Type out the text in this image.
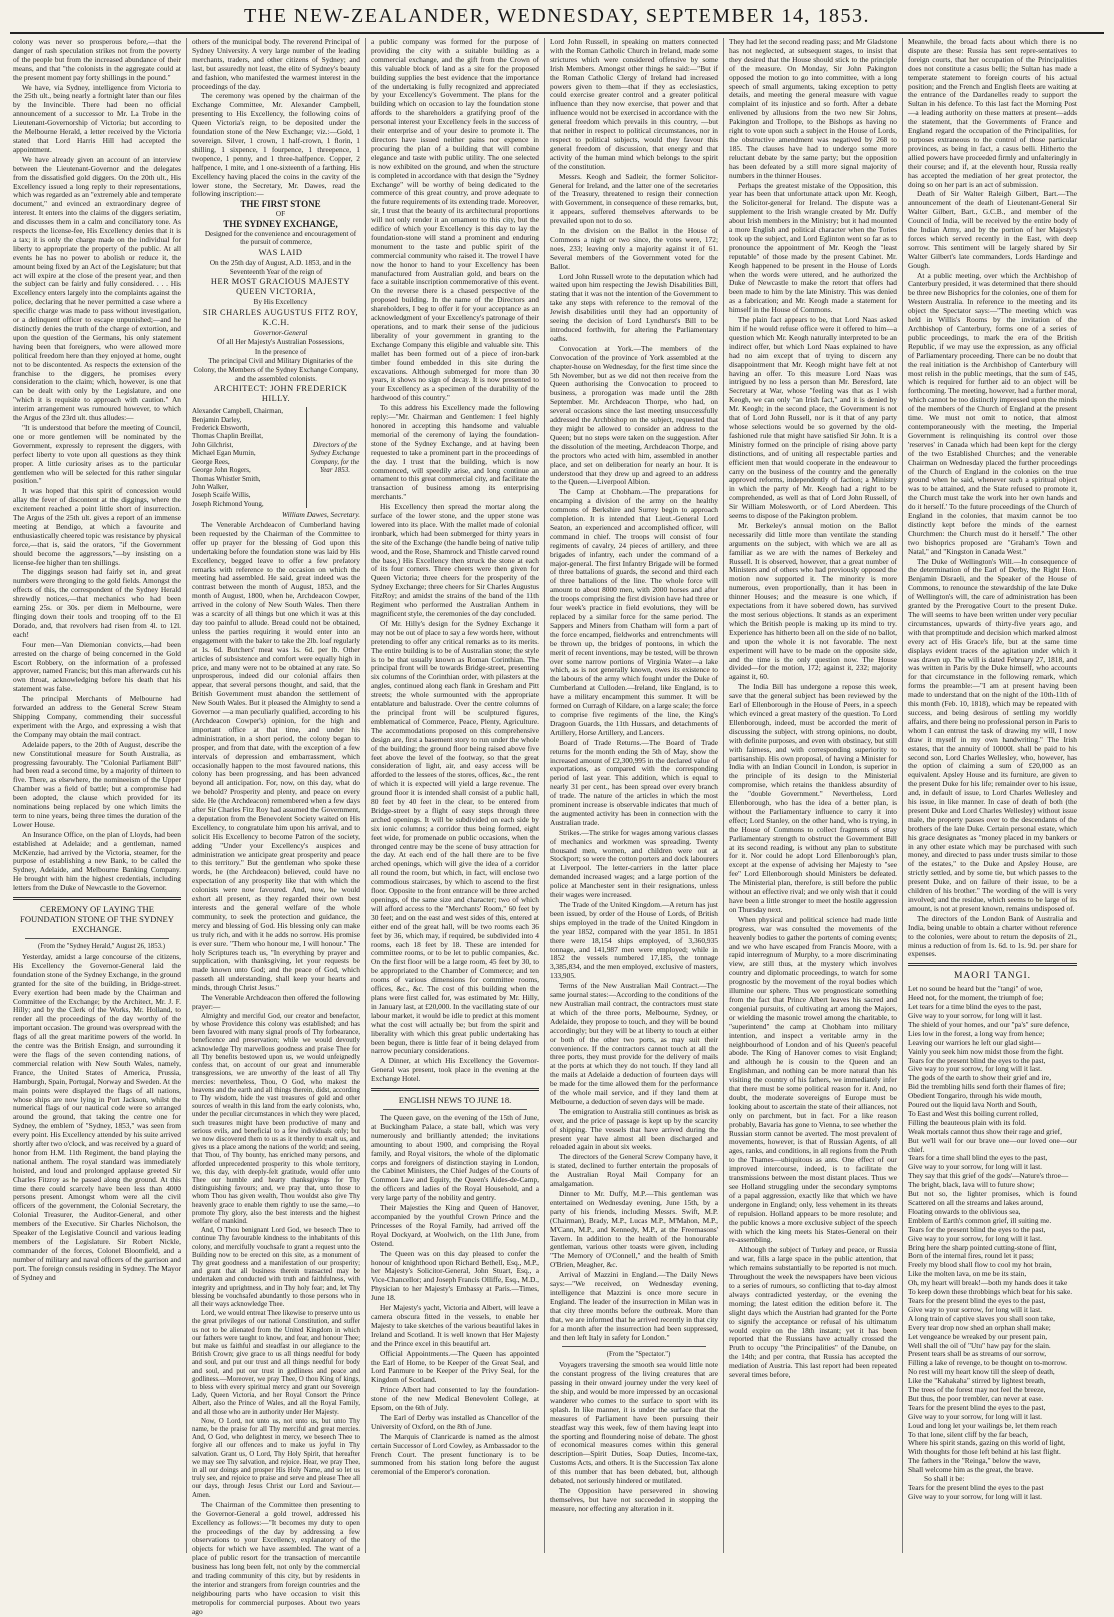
THE NEW-ZEALANDER, WEDNESDAY, SEPTEMBER 14, 1853.

colony was never so prosperous before,—that the danger of rash speculation strikes not from the poverty of the people but from the increased abundance of their means, and that "the colonists in the aggregate could at the present moment pay forty shillings in the pound."

We have, via Sydney, intelligence from Victoria to the 25th ult., being nearly a fortnight later than our files by the Invincible. There had been no official announcement of a successor to Mr. La Trobe in the Lieutenant-Governorship of Victoria; but according to the Melbourne Herald, a letter received by the Victoria stated that Lord Harris Hill had accepted the appointment.

We have already given an account of an interview between the Lieutenant-Governor and the delegates from the dissatisfied gold diggers. On the 20th ult., His Excellency issued a long reply to their representations, which was regarded as an "extremely able and temperate document," and evinced an extraordinary degree of interest. It enters into the claims of the diggers seriatim, and discusses them in a calm and conciliatory tone. As respects the license-fee, His Excellency denies that it is a tax; it is only the charge made on the individual for liberty to appropriate the property of the public. At all events he has no power to abolish or reduce it, the amount being fixed by an Act of the Legislature; but that act will expire at the close of the present year, and then the subject can be fairly and fully considered. . . . His Excellency enters largely into the complaints against the police, declaring that he never permitted a case where a specific charge was made to pass without investigation, or a delinquent officer to escape unpunished;—and he distinctly denies the truth of the charge of extortion, and upon the question of the Germans, his only statement having been that foreigners, who were allowed more political freedom here than they enjoyed at home, ought not to be discontented. As respects the extension of the franchise to the diggers, he promises every consideration to the claim; which, however, is one that can be dealt with only by the Legislature, and one "which it is requisite to approach with caution." An interim arrangement was rumoured however, to which the Argus of the 23rd ult. thus alludes:—

"It is understood that before the meeting of Council, one or more gentlemen will be nominated by the Government, expressly to represent the diggers, with perfect liberty to vote upon all questions as they think proper. A little curiosity arises as to the particular gentlemen who will be selected for this rather singular position."

It was hoped that this spirit of concession would allay the fever of discontent at the diggings, where the excitement reached a point little short of insurrection. The Argus of the 25th ult. gives a report of an immense meeting at Bendigo, at which a favourite and enthusiastically cheered topic was resistance by physical force,—that is, said the orators, "if the Government should become the aggressors,"—by insisting on a license-fee higher than ten shillings.

The diggings season had fairly set in, and great numbers were thronging to the gold fields. Amongst the effects of this, the correspondent of the Sydney Herald shrewdly notices,—that mechanics who had been earning 25s. or 30s. per diem in Melbourne, were flinging down their tools and trooping off to the El Dorado, and, that revolvers had risen from 4l. to 12l. each!

Four men—Van Diemonian convicts,—had been arrested on the charge of being concerned in the Gold Escort Robbery, on the information of a professed approver, named Francis; but this man afterwards cut his own throat, acknowledging before his death that his statement was false.

The principal Merchants of Melbourne had forwarded an address to the General Screw Steam Shipping Company, commending their successful experiment with the Argo, and expressing a wish that the Company may obtain the mail contract.

Adelaide papers, to the 20th of August, describe the new Constitutional measure for South Australia, as progressing favourably. The "Colonial Parliament Bill" had been read a second time, by a majority of thirteen to five. There, as elsewhere, the nomineeism of the Upper Chamber was a field of battle; but a compromise had been adopted, the clause which provided for its nominations being replaced by one which limits the term to nine years, being three times the duration of the Lower House.

An Insurance Office, on the plan of Lloyds, had been established at Adelaide; and a gentleman, named McKenzie, had arrived by the Victoria, steamer, for the purpose of establishing a new Bank, to be called the Sydney, Adelaide, and Melbourne Banking Company. He brought with him the highest credentials, including letters from the Duke of Newcastle to the Governor.

CEREMONY OF LAYING THE FOUNDATION STONE OF THE SYDNEY EXCHANGE.

(From the "Sydney Herald," August 26, 1853.)

Yesterday, amidst a large concourse of the citizens, His Excellency the Governor-General laid the foundation stone of the Sydney Exchange, in the ground granted for the site of the building, in Bridge-street. Every exertion had been made by the Chairman and Committee of the Exchange; by the Architect, Mr. J. F. Hilly; and by the Clerk of the Works, Mr. Holland, to render all the proceedings of the day worthy of the important occasion. The ground was overspread with the flags of all the great maritime powers of the world. In the centre was the British Ensign, and surrounding it were the flags of the seven contending nations, of commercial relation with New South Wales, namely, France, the United States of America, Prussia, Hamburgh, Spain, Portugal, Norway and Sweden. At the main points were displayed the flags of all nations, whose ships are now lying in Port Jackson, whilst the numerical flags of our nautical code were so arranged around the ground, that taking the centre one for Sydney, the emblem of "Sydney, 1853," was seen from every point. His Excellency attended by his suite arrived shortly after two o'clock, and was received by a guard of honor from H.M. 11th Regiment, the band playing the national anthem. The royal standard was immediately hoisted, and loud and prolonged applause greeted Sir Charles Fitzroy as he passed along the ground. At this time there could scarcely have been less than 4000 persons present. Amongst whom were all the civil officers of the government, the Colonial Secretary, the Colonial Treasurer, the Auditor-General, and other members of the Executive. Sir Charles Nicholson, the Speaker of the Legislative Council and various leading members of the Legislature. Sir Robert Nickle, commander of the forces, Colonel Bloomfield, and a number of military and naval officers of the garrison and port. The foreign consuls residing in Sydney. The Mayor of Sydney and

others of the municipal body. The reverend Principal of Sydney University. A very large number of the leading merchants, traders, and other citizens of Sydney; and last, but assuredly not least, the elite of Sydney's beauty and fashion, who manifested the warmest interest in the proceedings of the day.

The ceremony was opened by the chairman of the Exchange Committee, Mr. Alexander Campbell, presenting to His Excellency, the following coins of Queen Victoria's reign, to be deposited under the foundation stone of the New Exchange; viz.:—Gold, 1 sovereign. Silver, 1 crown, 1 half-crown, 1 florin, 1 shilling, 1 sixpence, 1 fourpence, 1 threepence, 1 twopence, 1 penny, and 1 three-halfpence. Copper, 2 halfpence, 1 mite, and 1 one-sixteenth of a farthing. His Excellency having placed the coins in the cavity of the lower stone, the Secretary, Mr. Dawes, read the following inscription:—

THE FIRST STONE

OF

THE SYDNEY EXCHANGE,

Designed for the convenience and encouragement of the pursuit of commerce,

WAS LAID

On the 25th day of August, A.D. 1853, and in the Seventeenth Year of the reign of

HER MOST GRACIOUS MAJESTY QUEEN VICTORIA,

By His Excellency

SIR CHARLES AUGUSTUS FITZ ROY, K.C.H.

Governor-General

Of all Her Majesty's Australian Possessions,

In the presence of

The principal Civil and Military Dignitaries of the Colony, the Members of the Sydney Exchange Company, and the assembled colonists.

ARCHITECT: JOHN FREDERICK HILLY.

Alexander Campbell, Chairman,
Benjamin Darley,
Frederick Ebsworth,
Thomas Chaplin Breillat,
John Gilchrist,
Michael Egan Murnin,
George Rees,
George John Rogers,
Thomas Whistler Smith,
John Walker,
Joseph Scaife Willis,
Joseph Richmond Young,
Directors of the Sydney Exchange Company, for the Year 1853.

William Dawes, Secretary.

The Venerable Archdeacon of Cumberland having been requested by the Chairman of the Committee to offer up prayer for the blessing of God upon this undertaking before the foundation stone was laid by His Excellency, begged leave to offer a few prefatory remarks with reference to the occasion on which the meeting had assembled. He said, great indeed was the contrast between the month of August, 1853, and the month of August, 1800, when he, Archdeacon Cowper, arrived in the colony of New South Wales. Then there was a scarcity of all things but one which it was at this day too painful to allude. Bread could not be obtained, unless the parties requiring it would enter into an engagement with the baker to take the 2lb. loaf regularly at 1s. 6d. Butchers' meat was 1s. 6d. per lb. Other articles of subsistence and comfort were equally high in price, and many were not to be obtained at any rate. So unprosperous, indeed did our colonial affairs then appear, that several persons thought, and said, that the British Government must abandon the settlement of New South Wales. But it pleased the Almighty to send a Governor —a man peculiarly qualified, according to his (Archdeacon Cowper's) opinion, for the high and important office at that time, and under his administration, in a short period, the colony began to prosper, and from that date, with the exception of a few intervals of depression and embarrassment, which occasionally happen to the most favoured nations, this colony has been progressing, and has been advanced beyond all anticipation. For, now, on this day, what do we behold? Prosperity and plenty, and peace on every side. He (the Archdeacon) remembered when a few days after Sir Charles Fitz Roy had assumed the Government, a deputation from the Benevolent Society waited on His Excellency, to congratulate him upon his arrival, and to solicit His Excellency to become Patron of the society, adding "Under your Excellency's auspices and administration we anticipate great prosperity and peace to this territory." But the gentleman who spoke these words, he (the Archdeacon) believed, could have no expectation of any prosperity like that with which the colonists were now favoured. And, now, he would exhort all present, as they regarded their own best interests and the general welfare of the whole community, to seek the protection and guidance, the mercy and blessing of God. His blessing only can make us truly rich, and with it he adds no sorrow. His promise is ever sure. "Them who honour me, I will honour." The holy Scriptures teach us, "In everything by prayer and supplication, with thanksgiving, let your requests be made known unto God; and the peace of God, which passeth all understanding, shall keep your hearts and minds, through Christ Jesus."

The Venerable Archdeacon then offered the following prayer:—

Almighty and merciful God, our creator and benefactor, by whose Providence this colony was established; and has been favoured with many signal proofs of Thy forbearance, beneficence and preservation; while we would devoutly acknowledge Thy marvellous goodness and praise Thee for all Thy benefits bestowed upon us, we would unfeignedly confess that, on account of our great and innumerable transgressions, we are unworthy of the least of all Thy mercies: nevertheless, Thou, O God, who makest the heavens and the earth and all things therein, didst, according to Thy wisdom, hide the vast treasures of gold and other sources of wealth in this land from the early colonists, who, under the peculiar circumstances in which they were placed, such treasures might have been productive of many and serious evils, and beneficial to a few individuals only; but we now discovered them to us as it thereby to exalt us, and gives us a place among the nations of the world; and seeing, that Thou, of Thy bounty, has enriched many persons, and afforded unprecedented prosperity to this whole territory, we, this day, with deeply-felt gratitude, would offer unto Thee our humble and hearty thanksgivings for Thy distinguishing favours; and, we pray that, unto those to whom Thou has given wealth, Thou wouldst also give Thy heavenly grace to enable them rightly to use the same,—to promote Thy glory, also the best interests and the highest welfare of mankind.

And, O Thou benignant Lord God, we beseech Thee to continue Thy favourable kindness to the inhabitants of this colony, and mercifully vouchsafe to grant a request unto the Building now to be erected on this site, as a monument of Thy great goodness and a manifestation of our prosperity; and grant that all business therein transacted may be undertaken and conducted with truth and faithfulness, with integrity and uprightness, and in Thy holy fear; and, let Thy blessing be vouchsafed abundantly to those persons who in all their ways acknowledge Thee.

Lord, we would entreat Thee likewise to preserve unto us the great privileges of our national Constitution, and suffer us not to be alienated from the United Kingdom in which our fathers were taught to know, and fear, and honour Thee; but make us faithful and steadfast in our allegiance to the British Crown; give grace to us all things needful for body and soul, and put our trust and all things needful for body and soul, and put our trust in godliness and peace and godliness.—Moreover, we pray Thee, O thou King of kings, to bless with every spiritual mercy and grant our Sovereign Lady, Queen Victoria, and her Royal Consort the Prince Albert, also the Prince of Wales, and all the Royal Family, and all those who are in authority under Her Majesty.

Now, O Lord, not unto us, not unto us, but unto Thy name, be the praise for all Thy merciful and great mercies. And, O God, who delightest in mercy, we beseech Thee to forgive all our offences and to make us joyful in Thy salvation. Grant us, O Lord, Thy Holy Spirit, that hereafter we may see Thy salvation, and rejoice. Hear, we pray Thee, in all our doings and prosper His Holy Name, and so let us truly see, and rejoice to praise and serve and please Thee all our days, through Jesus Christ our Lord and Saviour.—Amen.

The Chairman of the Committee then presenting to the Governor-General a gold trowel, addressed his Excellency as follows:—"It becomes my duty to open the proceedings of the day by addressing a few observations to your Excellency, explanatory of the objects for which we have assembled. The want of a place of public resort for the transaction of mercantile business has long been felt, not only by the commercial and trading community of this city, but by residents in the interior and strangers from foreign countries and the neighbouring parts who have occasion to visit this metropolis for commercial purposes. About two years ago

a public company was formed for the purpose of providing the city with a suitable building as a commercial exchange, and the gift from the Crown of this valuable block of land as a site for the proposed building supplies the best evidence that the importance of the undertaking is fully recognized and appreciated by your Excellency's Government. The plans for the building which on occasion to lay the foundation stone affords to the shareholders a gratifying proof of the personal interest your Excellency feels in the success of their enterprise and of your desire to promote it. The directors have issued neither pains nor expence in procuring the plan of a building that will combine elegance and taste with public utility. The one selected is now exhibited on the ground, and when the structure is completed in accordance with that design the "Sydney Exchange" will be worthy of being dedicated to the commerce of this great country, and prove adequate to the future requirements of its extending trade. Moreover, sir, I trust that the beauty of its architectural proportions will not only render it an ornament to this city, but the edifice of which your Excellency is this day to lay the foundation-stone will stand a prominent and enduring monument to the taste and public spirit of the commercial community who raised it. The trowel I have now the honor to hand to your Excellency has been manufactured from Australian gold, and bears on the face a suitable inscription commemorative of this event. On the reverse there is a chased perspective of the proposed building. In the name of the Directors and shareholders, I beg to offer it for your acceptance as an acknowledgment of your Excellency's patronage of their operations, and to mark their sense of the judicious liberality of your government in granting to the Exchange Company this eligible and valuable site. This mallet has been formed out of a piece of iron-bark timber found embedded in this site during the excavations. Although submerged for more than 30 years, it shows no sign of decay. It is now presented to your Excellency as a specimen of the durability of the hardwood of this country."

To this address his Excellency made the following reply:—"Mr. Chairman and Gentlemen: I feel highly honored in accepting this handsome and valuable memorial of the ceremony of laying the foundation-stone of the Sydney Exchange, and at having been requested to take a prominent part in the proceedings of the day. I trust that the building, which is now commenced, will speedily arise, and long continue an ornament to this great commercial city, and facilitate the transaction of business among its enterprising merchants."

His Excellency then spread the mortar along the surface of the lower stone, and the upper stone was lowered into its place. With the mallet made of colonial ironbark, which had been submerged for thirty years in the site of the Exchange (the handle being of native tulip wood, and the Rose, Shamrock and Thistle carved round the base,) His Excellency then struck the stone at each of its four corners. Three cheers were then given for Queen Victoria; three cheers for the prosperity of the Sydney Exchange; three cheers for Sir Charles Augustus FitzRoy; and amidst the strains of the band of the 11th Regiment who performed the Australian Anthem in magnificent style, the ceremonies of the day concluded.

Of Mr. Hilly's design for the Sydney Exchange it may not be out of place to say a few words here, without pretending to offer any critical remarks as to its merits. The entire building is to be of Australian stone; the style is to be that usually known as Roman Corinthian. The principal front will be towards Bridge-street, presenting six columns of the Corinthian order, with pilasters at the angles, continued along each flank in Gresham and Pitt streets; the whole surmounted with the appropriate entablature and balustrade. Over the centre columns of the principal front will be sculptured figures, emblematical of Commerce, Peace, Plenty, Agriculture. The accommodations proposed on this comprehensive design are, first a basement story to run under the whole of the building; the ground floor being raised above five feet above the level of the footway, so that the great consideration of light, air, and easy access will be afforded to the lessees of the stores, offices, &c., the rent of which it is expected will yield a large revenue. The ground floor it is intended shall consist of a public hall, 80 feet by 40 feet in the clear, to be entered from Bridge-street by a flight of easy steps through three arched openings. It will be subdivided on each side by six ionic columns; a corridor thus being formed, eight feet wide, for promenade on public occasions, when the thronged centre may be the scene of busy attraction for the day. At each end of the hall there are to be five arched openings, which will give the idea of a corridor all round the room, but which, in fact, will enclose two commodious staircases, by which to ascend to the first floor. Opposite to the front entrance will be three arched openings, of the same size and character; two of which will afford access to the "Merchants' Room," 60 feet by 30 feet; and on the east and west sides of this, entered at either end of the great hall, will be two rooms each 36 feet by 36, which may, if required, be subdivided into 4 rooms, each 18 feet by 18. These are intended for committee rooms, or to be let to public companies, &c. On the first floor will be a large room, 45 feet by 30, to be appropriated to the Chamber of Commerce; and ten rooms of various dimensions for committee rooms, offices, &c., &c. The cost of this building when the plans were first called for, was estimated by Mr. Hilly, in January last, at £20,000. In the vacillating state of our labour market, it would be idle to predict at this moment what the cost will actually be; but from the spirit and liberality with which this great public undertaking has been begun, there is little fear of it being delayed from narrow pecuniary considerations.

A Dinner, at which His Excellency the Governor-General was present, took place in the evening at the Exchange Hotel.

ENGLISH NEWS TO JUNE 18.

The Queen gave, on the evening of the 15th of June, at Buckingham Palace, a state ball, which was very numerously and brilliantly attended; the invitations amounting to about 1900, and comprising the Royal family, and Royal visitors, the whole of the diplomatic corps and foreigners of distinction staying in London, the Cabinet Ministers, the Chief Judges of the Courts of Common Law and Equity, the Queen's Aides-de-Camp, the officers and ladies of the Royal Household, and a very large party of the nobility and gentry.

Their Majesties the King and Queen of Hanover, accompanied by the youthful Crown Prince and the Princesses of the Royal Family, had arrived off the Royal Dockyard, at Woolwich, on the 11th June, from Ostend.

The Queen was on this day pleased to confer the honour of knighthood upon Richard Bethell, Esq., M.P., her Majesty's Solicitor-General, John Stuart, Esq., a Vice-Chancellor; and Joseph Francis Olliffe, Esq., M.D., Physician to her Majesty's Embassy at Paris.—Times, June 18.

Her Majesty's yacht, Victoria and Albert, will leave a camera obscura fitted in the vessels, to enable her Majesty to take sketches of the various beautiful lakes in Ireland and Scotland. It is well known that Her Majesty and the Prince excel in this beautiful art.

Official Appointments.—The Queen has appointed the Earl of Home, to be Keeper of the Great Seal, and Lord Panmure to be Keeper of the Privy Seal, for the Kingdom of Scotland.

Prince Albert had consented to lay the foundation-stone of the new Medical Benevolent College, at Epsom, on the 6th of July.

The Earl of Derby was installed as Chancellor of the University of Oxford, on the 8th of June.

The Marquis of Clanricarde is named as the almost certain Successor of Lord Cowley, as Ambassador to the French Court. The present functionary is to be summoned from his station long before the august ceremonial of the Emperor's coronation.

Lord John Russell, in speaking on matters connected with the Roman Catholic Church in Ireland, made some strictures which were considered offensive by some Irish Members. Amongst other things he said:—"But if the Roman Catholic Clergy of Ireland had increased powers given to them—that if they as ecclesiastics, could exercise greater control and a greater political influence than they now exercise, that power and that influence would not be exercised in accordance with the general freedom which prevails in this country, —but that neither in respect to political circumstances, nor in respect to political subjects, would they favour this general freedom of discussion, that energy and that activity of the human mind which belongs to the spirit of the constitution.

Messrs. Keogh and Sadleir, the former Solicitor-General for Ireland, and the latter one of the secretaries of the Treasury, threatened to resign their connection with Government, in consequence of these remarks, but, it appears, suffered themselves afterwards to be prevailed upon not to do so.

In the division on the Ballot in the House of Commons a night or two since, the votes were, 172; noes, 233; leaving only a majority against it of 61. Several members of the Government voted for the Ballot.

Lord John Russell wrote to the deputation which had waited upon him respecting the Jewish Disabilities Bill, stating that it was not the intention of the Government to take any steps with reference to the removal of the Jewish disabilities until they had an opportunity of seeing the decision of Lord Lyndhurst's Bill to be introduced forthwith, for altering the Parliamentary oaths.

Convocation at York.—The members of the Convocation of the province of York assembled at the chapter-house on Wednesday, for the first time since the 5th November, but as we did not then receive from the Queen authorising the Convocation to proceed to business, a prorogation was made until the 28th September. Mr. Archdeacon Thorpe, who had, on several occasions since the last meeting unsuccessfully addressed the Archbishop on the subject, requested that they might be allowed to consider an address to the Queen; but no steps were taken on the suggestion. After the dissolution of the meeting, Archdeacon Thorpe, and the proctors who acted with him, assembled in another place, and set on deliberation for nearly an hour. It is understood that they drew up and agreed to an address to the Queen.—Liverpool Albion.

The Camp at Chobham.—The preparations for encamping a division of the army on the healthy commons of Berkshire and Surrey begin to approach completion. It is intended that Lieut.-General Lord Seaton, an experienced and accomplished officer, will command in chief. The troops will consist of four regiments of cavalry, 24 pieces of artillery, and three brigades of infantry, each under the command of a major-general. The first Infantry Brigade will be formed of three battalions of guards, the second and third each of three battalions of the line. The whole force will amount to about 8000 men, with 2000 horses and after the troops comprising the first division have had three or four week's practice in field evolutions, they will be replaced by a similar force for the same period. The Sappers and Miners from Chatham will form a part of the force encamped, fieldworks and entrenchments will be thrown up, the bridges of pontoons, in which the merit of recent inventions, may be tested, will be thrown over some narrow portions of Virginia Water—a lake which, as is not generally known, owes its existence to the labours of the army which fought under the Duke of Cumberland at Culloden.—Ireland, like England, is to have a military encampment this summer. It will be formed on Curragh of Kildare, on a large scale; the force to comprise five regiments of the line, the King's Dragoon Guards, the 11th Hussars, and detachments of Artillery, Horse Artillery, and Lancers.

Board of Trade Returns.—The Board of Trade returns for the month ending the 5th of May, show the increased amount of £2,300,995 in the declared value of exportations, as compared with the corresponding period of last year. This addition, which is equal to nearly 31 per cent., has been spread over every branch of trade. The nature of the articles in which the most prominent increase is observable indicates that much of the augmented activity has been in connection with the Australian trade.

Strikes.—The strike for wages among various classes of mechanics and workmen was spreading. Twenty thousand men, women, and children were out at Stockport; so were the cotton porters and dock labourers at Liverpool. The letter-carriers in the latter place demanded increased wages; and a large portion of the police at Manchester sent in their resignations, unless their wages were increased.

The Trade of the United Kingdom.—A return has just been issued, by order of the House of Lords, of British ships employed in the trade of the United Kingdom in the year 1852, compared with the year 1851. In 1851 there were 18,154 ships employed, of 3,360,935 tonnage, and 141,987 men were employed; while in 1852 the vessels numbered 17,185, the tonnage 3,385,834, and the men employed, exclusive of masters, 133,905.

Terms of the New Australian Mail Contract.—The same journal states:—According to the conditions of the new Australian mail contract, the contractors must state at which of the three ports, Melbourne, Sydney, or Adelaide, they propose to touch, and they will be bound accordingly; but they will be at liberty to touch at either or both of the other two ports, as may suit their convenience. If the contractors cannot touch at all the three ports, they must provide for the delivery of mails at the ports at which they do not touch. If they land all the mails at Adelaide a deduction of fourteen days will be made for the time allowed them for the performance of the whole mail service, and if they land them at Melbourne, a deduction of seven days will be made.

The emigration to Australia still continues as brisk as ever, and the price of passage is kept up by the scarcity of shipping. The vessels that have arrived during the present year have almost all been discharged and reloaded again in about six weeks.

The directors of the General Screw Company have, it is stated, declined to further entertain the proposals of the Australian Royal Mail Company for an amalgamation.

Dinner to Mr. Duffy, M.P.—This gentleman was entertained on Wednesday evening, June 15th, by a party of his friends, including Messrs. Swift, M.P. (Chairman), Brady, M.P., Lucas M.P., M'Mahon, M.P., M'Cann, M.P., and Kennedy, M.P., at the Freemasons' Tavern. In addition to the health of the honourable gentleman, various other toasts were given, including "The Memory of O'Connell," and the health of Smith O'Brien, Meagher, &c.

Arrival of Mazzini in England.—The Daily News says:—"We received, on Wednesday evening, intelligence that Mazzini is once more secure in England. The leader of the insurrection in Milan was in that city three months before the outbreak. More than that, we are informed that he arrived recently in that city for a month after the insurrection had been suppressed, and then left Italy in safety for London."

(From the "Spectator.")

Voyagers traversing the smooth sea would little note the constant progress of the living creatures that are passing in their onward journey under the very keel of the ship, and would be more impressed by an occasional wanderer who comes to the surface to sport with its splash. In like manner, it is under the surface that the measures of Parliament have been pursuing their steadfast way this week, few of them having leapt into the sporting and floundering noise of debate. The ghost of economical measures comes within this general description—Spirit Duties, Soap Duties, Income-tax, Customs Acts, and others. It is the Succession Tax alone of this number that has been debated, but, although debated, not seriously hindered or mutilated.

The Opposition have persevered in showing themselves, but have not succeeded in stopping the measure, nor effecting any alteration in it.

They had let the second reading pass; and Mr Gladstone has not neglected, at subsequent stages, to insist that they desired that the House should stick to the principle of the measure. On Monday, Sir John Pakington opposed the motion to go into committee, with a long speech of small arguments, taking exception to petty details, and meeting the general measure with vague complaint of its injustice and so forth. After a debate enlivened by allusions from the two new Sir Johns, Pakington and Trollope, to the Bishops as having no right to vote upon such a subject in the House of Lords, the obstructive amendment was negatived by 268 to 185. The clauses have had to undergo some more reluctant debate by the same party; but the opposition has been defeated by a still more signal majority of numbers in the thinner Houses.

Perhaps the greatest mistake of the Opposition, this year has been that unfortunate attack upon Mr. Keogh, the Solicitor-general for Ireland. The dispute was a supplement to the Irish wrangle created by Mr. Duffy about Irish members in the Ministry; but it had mounted a more English and political character when the Tories took up the subject, and Lord Eglinton went so far as to pronounce the appointment of Mr. Keogh the "least reputable" of those made by the present Cabinet. Mr. Keogh happened to be present in the House of Lords when the words were uttered, and he authorized the Duke of Newcastle to make the retort that offers had been made to him by the late Ministry. This was denied as a fabrication; and Mr. Keogh made a statement for himself in the House of Commons.

The plain fact appears to be, that Lord Naas asked him if he would refuse office were it offered to him—a question which Mr. Keogh naturally interpreted to be an indirect offer, but which Lord Naas explained to have had no aim except that of trying to discern any disappointment that Mr. Keogh might have felt at not having an offer. To this measure Lord Naas was intrigued by no less a person than Mr. Beresford, late Secretary at War, whose "feeling was that as I wish Keogh, we can only "an Irish fact," and it is denied by Mr. Keogh; in the second place, the Government is not that of Lord John Russell, nor is it that of any party whose selections would be so governed by the old-fashioned rule that might have satisfied Sir John. It is a Ministry formed on the principle of rising above party distinctions, and of uniting all respectable parties and efficient men that would cooperate in the endeavour to carry on the business of the country and the generally approved reforms, independently of faction; a Ministry in which the party of Mr. Keogh had a right to be comprehended, as well as that of Lord John Russell, of Sir William Molesworth, or of Lord Aberdeen. This seems to dispose of the Pakington problem.

Mr. Berkeley's annual motion on the Ballot necessarily did little more than ventilate the standing arguments on the subject, with which we are all as familiar as we are with the names of Berkeley and Russell. It is observed, however, that a great number of Ministers and of others who had previously opposed the motion now supported it. The minority is more numerous, even proportionally, than it has been in thinner Houses; and the measure is one which, if expectations from it have sobered down, has survived the most serious objections. It stands as an experiment which the British people is making up its mind to try. Experience has hitherto been all on the side of no ballot, and upon the whole it is not favorable. The next experiment will have to be made on the opposite side, and the time is the only question now. The House divided—for the motion, 172; against it, 232; majority against it, 60.

The India Bill has undergone a repose this week, save that the general subject has been reviewed by the Earl of Ellenborough in the House of Peers, in a speech which evinced a great mastery of the question. To Lord Ellenborough, indeed, must be accorded the merit of discussing the subject, with strong opinions, no doubt, with definite purposes, and even with obstinacy, but still with fairness, and with corresponding superiority to partisanship. His own proposal, of having a Minister for India with an Indian Council in London, is superior in the principle of its design to the Ministerial compromise, which retains the thankless absurdity of the "double Government." Nevertheless, Lord Ellenborough, who has the idea of a better plan, is without the Parliamentary influence to carry it into effect; Lord Stanley, on the other hand, who is trying, in the House of Commons to collect fragments of stray Parliamentary strength to obstruct the Government Bill at its second reading, is without any plan to substitute for it. Nor could he adopt Lord Ellenborough's plan, except at the expense of advising her Majesty to "see fee" Lord Ellenborough should Ministers be defeated. The Ministerial plan, therefore, is still before the public without an effective rival; and we only wish that it could have been a little stronger to meet the hostile aggression on Thursday next.

When physical and political science had made little progress, war was consulted the movements of the heavenly bodies to gather the portents of coming events; and we who have escaped from Francis Moore, with a rapid interregnum of Murphy, to a more discriminating view, are still thus, at the mystery which involves country and diplomatic proceedings, to watch for some prognostic by the movement of the royal bodies which illumine our sphere. Thus we prognosticate something from the fact that Prince Albert leaves his sacred and congenial pursuits, of cultivating art among the Majors, or wielding the masonic trowel among the charitable, to "superintend" the camp at Chobham into military intention, and inspect a veritable army in the neighbourhood of London and of his Queen's peaceful abode. The King of Hanover comes to visit England; and although he is cousin to the Queen and an Englishman, and nothing can be more natural than his visiting the country of his fathers, we immediately infer that there must be some political reason for it. And, no doubt, the moderate sovereigns of Europe must be looking about to ascertain the state of their alliances, not only on parchment, but in fact. For a like reason probably, Bavaria has gone to Vienna, to see whether the Russian storm cannot be averted. The most prevalent of movements, however, is that of Russian Agents, of all ages, ranks, and conditions, in all regions from the Pruth to the Thames—ubiquitous as ants. One effect of our improved intercourse, indeed, is to facilitate the transmissions between the most distant places. Thus we see Holland struggling under the secondary symptoms of a papal aggression, exactly like that which we have undergone in England; only, less vehement in its threats of repulsion. Holland appears to be more resolute; and the public knows a more exclusive subject of the speech with which the king meets his States-General on their re-assembling.

Although the subject of Turkey and peace, or Russia and war, fills a large space in the public attention, that which remains substantially to be reported is not much. Throughout the week the newspapers have been vicious to a series of rumours, so conflicting that to-day almost always contradicted yesterday, or the evening the morning; the latest edition the edition before it. The slight days which the Austrian had granted for the Porte to signify the acceptance or refusal of his ultimatum would expire on the 18th instant; yet it has been reported that the Russians have actually crossed the Pruth to occupy "the Principalities" of the Danube, on the 14th; and per contra, that Russia has accepted the mediation of Austria. This last report had been repeated several times before,

Meanwhile, the broad facts about which there is no dispute are these: Russia has sent repre-sentatives to foreign courts, that her occupation of the Principalities does not constitute a casus belli; the Sultan has made a temperate statement to foreign courts of his actual position; and the French and English fleets are waiting at the entrance of the Dardanelles ready to support the Sultan in his defence. To this last fact the Morning Post—a leading authority on these matters at present—adds the statement, that the Governments of France and England regard the occupation of the Principalities, for purposes extraneous to the control of those particular provinces, as being in fact, a casus belli. Hitherto the allied powers have proceeded firmly and unfalteringly in their course; and if, at the eleventh hour, Russia really has accepted the mediation of her great protector, the doing so on her part is an act of submission.

Death of Sir Walter Raleigh Gilbert, Bart.—The announcement of the death of Lieutenant-General Sir Walter Gilbert, Bart., G.C.B., and member of the Council of India, will be received by the entire body of the Indian Army, and by the portion of her Majesty's forces which served recently in the East, with deep sorrow. This sentiment will be largely shared by Sir Walter Gilbert's late commanders, Lords Hardinge and Gough.

At a public meeting, over which the Archbishop of Canterbury presided, it was determined that there should be three new Bishoprics for the colonies, one of them for Western Australia. In reference to the meeting and its object the Spectator says:—"The meeting which was held in Willis's Rooms by the invitation of the Archbishop of Canterbury, forms one of a series of public proceedings, to mark the era of the British Republic, if we may use the expression, as any official of Parliamentary proceeding. There can be no doubt that the real initiation is the Archbishop of Canterbury will most relish in the public meetings, that the sum of £45, which is required for further aid to an object will be forthcoming. The meeting, however, had a further moral, which cannot be too distinctly impressed upon the minds of the members of the Church of England at the present time. We must not omit to notice, that almost contemporaneously with the meeting, the Imperial Government is relinquishing its control over those 'reserves' in Canada which had been kept for the clergy of the two Established Churches; and the venerable Chairman on Wednesday placed the further proceedings of the Church of England in the colonies on the true ground when he said, whenever such a spiritual object was to be attained, and the State refused to promote it, the Church must take the work into her own hands and do it herself.' To the future proceedings of the Church of England in the colonies, that maxim cannot be too distinctly kept before the minds of the earnest Churchmen: the Church must do it herself." The other two bishoprics proposed are "Graham's Town and Natal," and "Kingston in Canada West."

The Duke of Wellington's Will.—In consequence of the determination of the Earl of Derby, the Right Hon. Benjamin Disraeli, and the Speaker of the House of Commons, to renounce the stewardship of the late Duke of Wellington's will, the care of administration has been granted by the Prerogative Court to the present Duke. The will seems to have been written under very peculiar circumstances, upwards of thirty-five years ago, and with that promptitude and decision which marked almost every act of His Grace's life, but at the same time displays evident traces of the agitation under which it was drawn up. The will is dated February 27, 1818, and was written in Paris by the Duke himself, who accounts for that circumstance in the following remark, which forms the preamble:—"I am at present having been made to understand that on the night of the 10th-11th of this month (Feb. 10, 1818), which may be repeated with success, and being desirous of settling my worldly affairs, and there being no professional person in Paris to whom I can entrust the task of drawing my will, I now draw it myself in my own handwriting." The Irish estates, that the annuity of 10000l. shall be paid to his second son, Lord Charles Wellesley, who, however, has the option of claiming a sum of £20,000 as an equivalent. Apsley House and its furniture, are given to the present Duke for his life; remainder over to his issue, and, in default of issue, to Lord Charles Wellesley and his issue, in like manner. In case of death of both (the present Duke and Lord Charles Wellesley) without issue male, the property passes over to the descendants of the brothers of the late Duke. Certain personal estate, which his grace designates as "money placed in my bankers or in any other estate which may be purchased with such money, and directed to pass under trusts similar to those of the estates," to the Duke and Apsley House, are strictly settled, and by some tie, but which passes to the present Duke, and on failure of their issue, to be a children of his brother." The wording of the will is very involved; and the residue, which seems to be large of its amount, is not at present known, remains undisposed of.

The directors of the London Bank of Australia and India, being unable to obtain a charter without reference to the colonies, were about to return the deposits of 2l., minus a reduction of from 1s. 6d. to 1s. 9d. per share for expenses.

MAORI TANGI.

Let no sound be heard but the "tangi" of woe,

Heed not, for the moment, the triumph of foe;

Let tears for a time blind the eyes to the past,

Give way to your sorrow, for long will it last.

The shield of your homes, and our "pa's" sure defence,

Lies low in the forest, a long way from hence;

Leaving our warriors he left our glad sight—

Vainly you seek him now midst those from the fight.

Tears for the present blind the eyes to the past,

Give way to your sorrow, for long will it last.

The gods of the earth to show their grief and ire,

Bid the trembling hills send forth their flames of fire;

Obedient Tongariro, through his wide mouth,

Poured out the liquid lava North and South,

To East and West this boiling current rolled,

Filling the beauteous plain with its fold.

Weak mortals cannot thus show their rage and grief,

But we'll wail for our brave one—our loved one—our chief.

Tears for a time shall blind the eyes to the past,

Give way to your sorrow, for long will it last.

They say that this grief of the gods'—Nature's throe—

The bright, black, lava will to future show;

But not so, the lighter promises, which is found Scattered on all the streams and lakes around,

Floating onwards to the oblivious sea,

Emblem of Earth's common grief, ill suiting me.

Tears for the present blind the eyes to the past,

Give way to your sorrow, for long will it last.

Bring here the sharp pointed cutting-stone of flint,

Born of the internal fires, round let it pass;

Freely my blood shall flow to cool my hot brain,

Like the molten lava, on me be its stain,

Oh, my heart will break!—both my hands does it take

To keep down these throbbings which beat for his sake.

Tears for the present blind the eyes to the past,

Give way to your sorrow, for long will it last.

A long train of captive slaves you shall soon take,

Every tear drop now shed an orphan shall make;

Let vengeance be wreaked by our present pain,

Well shall the oil of "Utu" haw pay for the slain.

Present tears shall be as streams of our sorrow,

Filling a lake of revenge, to be thought on to-morrow.

No rest will my heart know till the sleep of death,

Like the "Kahakaha" stirred by lightest breath,

The trees of the forest may not feel the breeze,

But thus, the poor trembler, can never at ease.

Tears for the present blind the eyes to the past,

Give way to your sorrow, for long will it last.

Loud and long let your wailings be, let them reach

To that lone, silent cliff by the far beach,

Where his spirit stands, gazing on this world of light,

With thoughts for those left behind at his last flight.

The fathers in the "Reinga," below the wave,

Shall welcome him as the great, the brave.

So shall it be:

Tears for the present blind the eyes to the past

Give way to your sorrow, for long will it last.
